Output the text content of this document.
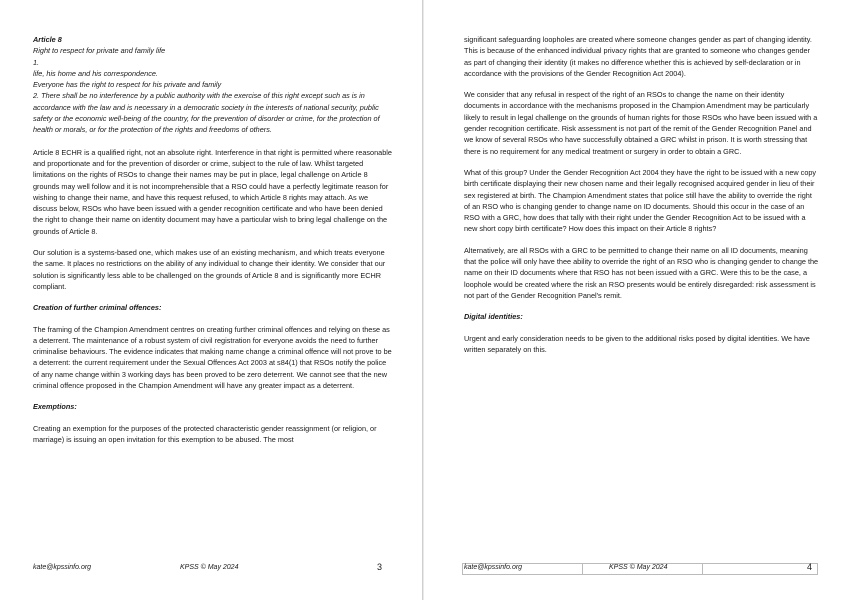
Article 8

Right to respect for private and family life

1.

life, his home and his correspondence.

Everyone has the right to respect for his private and family

2. There shall be no interference by a public authority with the exercise of this right except such as is in accordance with the law and is necessary in a democratic society in the interests of national security, public safety or the economic well-being of the country, for the prevention of disorder or crime, for the protection of health or morals, or for the protection of the rights and freedoms of others.

Article 8 ECHR is a qualified right, not an absolute right. Interference in that right is permitted where reasonable and proportionate and for the prevention of disorder or crime, subject to the rule of law. Whilst targeted limitations on the rights of RSOs to change their names may be put in place, legal challenge on Article 8 grounds may well follow and it is not incomprehensible that a RSO could have a perfectly legitimate reason for wishing to change their name, and have this request refused, to which Article 8 rights may attach. As we discuss below, RSOs who have been issued with a gender recognition certificate and who have been denied the right to change their name on identity document may have a particular wish to bring legal challenge on the grounds of Article 8.

Our solution is a systems-based one, which makes use of an existing mechanism, and which treats everyone the same. It places no restrictions on the ability of any individual to change their identity. We consider that our solution is significantly less able to be challenged on the grounds of Article 8 and is significantly more ECHR compliant.

Creation of further criminal offences:

The framing of the Champion Amendment centres on creating further criminal offences and relying on these as a deterrent. The maintenance of a robust system of civil registration for everyone avoids the need to further criminalise behaviours. The evidence indicates that making name change a criminal offence will not prove to be a deterrent: the current requirement under the Sexual Offences Act 2003 at s84(1) that RSOs notify the police of any name change within 3 working days has been proved to be zero deterrent. We cannot see that the new criminal offence proposed in the Champion Amendment will have any greater impact as a deterrent.

Exemptions:

Creating an exemption for the purposes of the protected characteristic gender reassignment (or religion, or marriage) is issuing an open invitation for this exemption to be abused. The most

kate@kpssinfo.org	KPSS © May 2024	3

significant safeguarding loopholes are created where someone changes gender as part of changing identity. This is because of the enhanced individual privacy rights that are granted to someone who changes gender as part of changing their identity (it makes no difference whether this is achieved by self-declaration or in accordance with the provisions of the Gender Recognition Act 2004).

We consider that any refusal in respect of the right of an RSOs to change the name on their identity documents in accordance with the mechanisms proposed in the Champion Amendment may be particularly likely to result in legal challenge on the grounds of human rights for those RSOs who have been issued with a gender recognition certificate. Risk assessment is not part of the remit of the Gender Recognition Panel and we know of several RSOs who have successfully obtained a GRC whilst in prison. It is worth stressing that there is no requirement for any medical treatment or surgery in order to obtain a GRC.

What of this group? Under the Gender Recognition Act 2004 they have the right to be issued with a new copy birth certificate displaying their new chosen name and their legally recognised acquired gender in lieu of their sex registered at birth. The Champion Amendment states that police still have the ability to override the right of an RSO who is changing gender to change name on ID documents. Should this occur in the case of an RSO with a GRC, how does that tally with their right under the Gender Recognition Act to be issued with a new short copy birth certificate? How does this impact on their Article 8 rights?

Alternatively, are all RSOs with a GRC to be permitted to change their name on all ID documents, meaning that the police will only have thee ability to override the right of an RSO who is changing gender to change the name on their ID documents where that RSO has not been issued with a GRC. Were this to be the case, a loophole would be created where the risk an RSO presents would be entirely disregarded: risk assessment is not part of the Gender Recognition Panel's remit.

Digital identities:

Urgent and early consideration needs to be given to the additional risks posed by digital identities. We have written separately on this.

kate@kpssinfo.org	KPSS © May 2024	4
